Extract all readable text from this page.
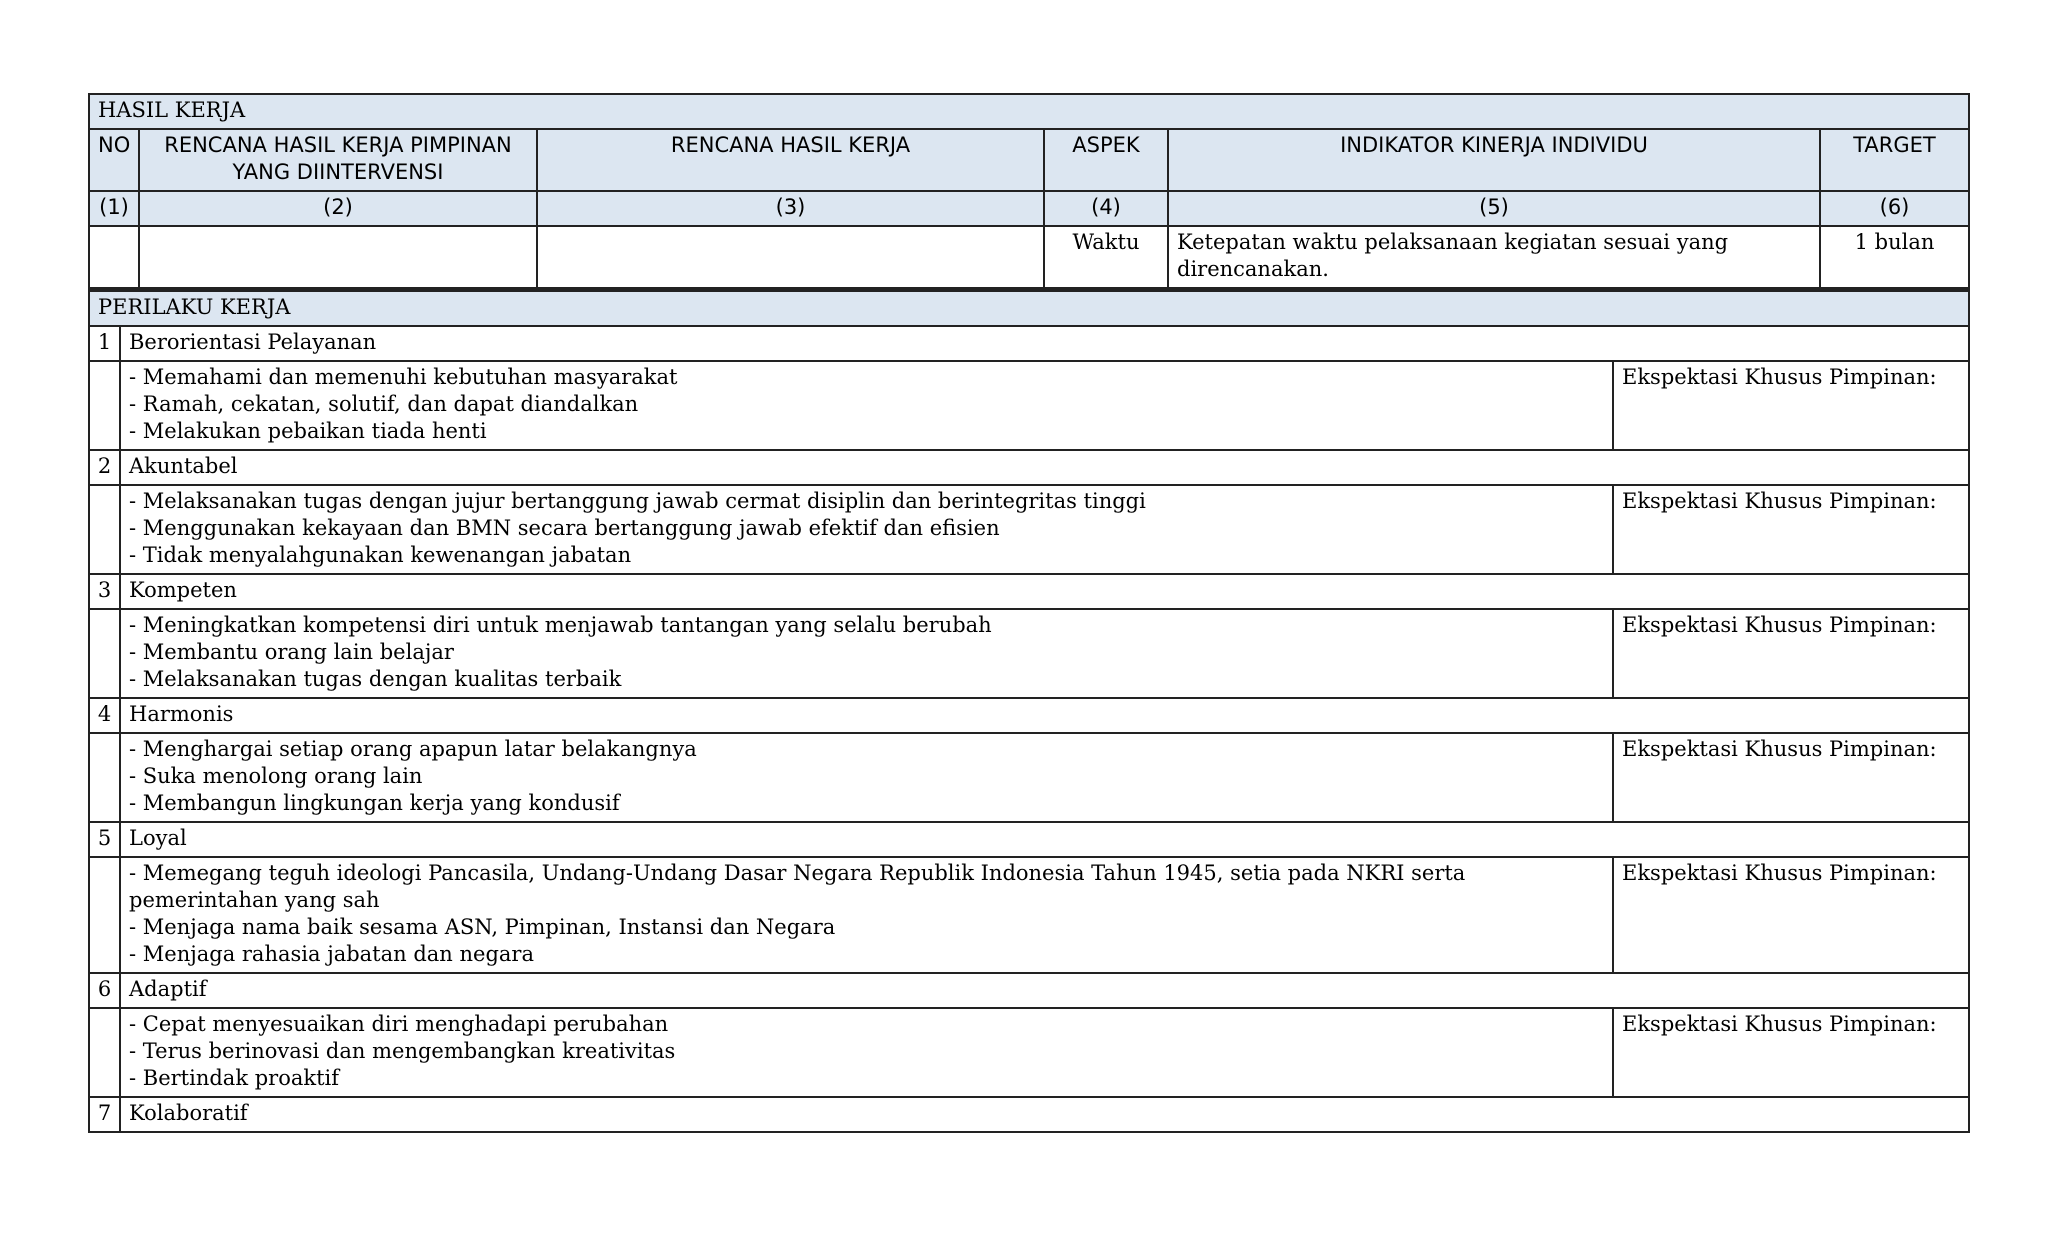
HASIL KERJA					
NO	RENCANA HASIL KERJA PIMPINAN YANG DIINTERVENSI	RENCANA HASIL KERJA	ASPEK	INDIKATOR KINERJA INDIVIDU	TARGET
(1)	(2)	(3)	(4)	(5)	(6)
			Waktu	Ketepatan waktu pelaksanaan kegiatan sesuai yang direncanakan.	1 bulan
PERILAKU KERJA		
1	Berorientasi Pelayanan	

	- Memahami dan memenuhi kebutuhan masyarakat
- Ramah, cekatan, solutif, dan dapat diandalkan
- Melakukan pebaikan tiada henti	Ekspektasi Khusus Pimpinan:
2	Akuntabel	

	- Melaksanakan tugas dengan jujur bertanggung jawab cermat disiplin dan berintegritas tinggi
- Menggunakan kekayaan dan BMN secara bertanggung jawab efektif dan efisien
- Tidak menyalahgunakan kewenangan jabatan	Ekspektasi Khusus Pimpinan:
3	Kompeten	

	- Meningkatkan kompetensi diri untuk menjawab tantangan yang selalu berubah
- Membantu orang lain belajar
- Melaksanakan tugas dengan kualitas terbaik	Ekspektasi Khusus Pimpinan:
4	Harmonis	

	- Menghargai setiap orang apapun latar belakangnya
- Suka menolong orang lain
- Membangun lingkungan kerja yang kondusif	Ekspektasi Khusus Pimpinan:
5	Loyal	

	- Memegang teguh ideologi Pancasila, Undang-Undang Dasar Negara Republik Indonesia Tahun 1945, setia pada NKRI serta pemerintahan yang sah
- Menjaga nama baik sesama ASN, Pimpinan, Instansi dan Negara
- Menjaga rahasia jabatan dan negara	Ekspektasi Khusus Pimpinan:
6	Adaptif	

	- Cepat menyesuaikan diri menghadapi perubahan
- Terus berinovasi dan mengembangkan kreativitas
- Bertindak proaktif	Ekspektasi Khusus Pimpinan:
7	Kolaboratif	
